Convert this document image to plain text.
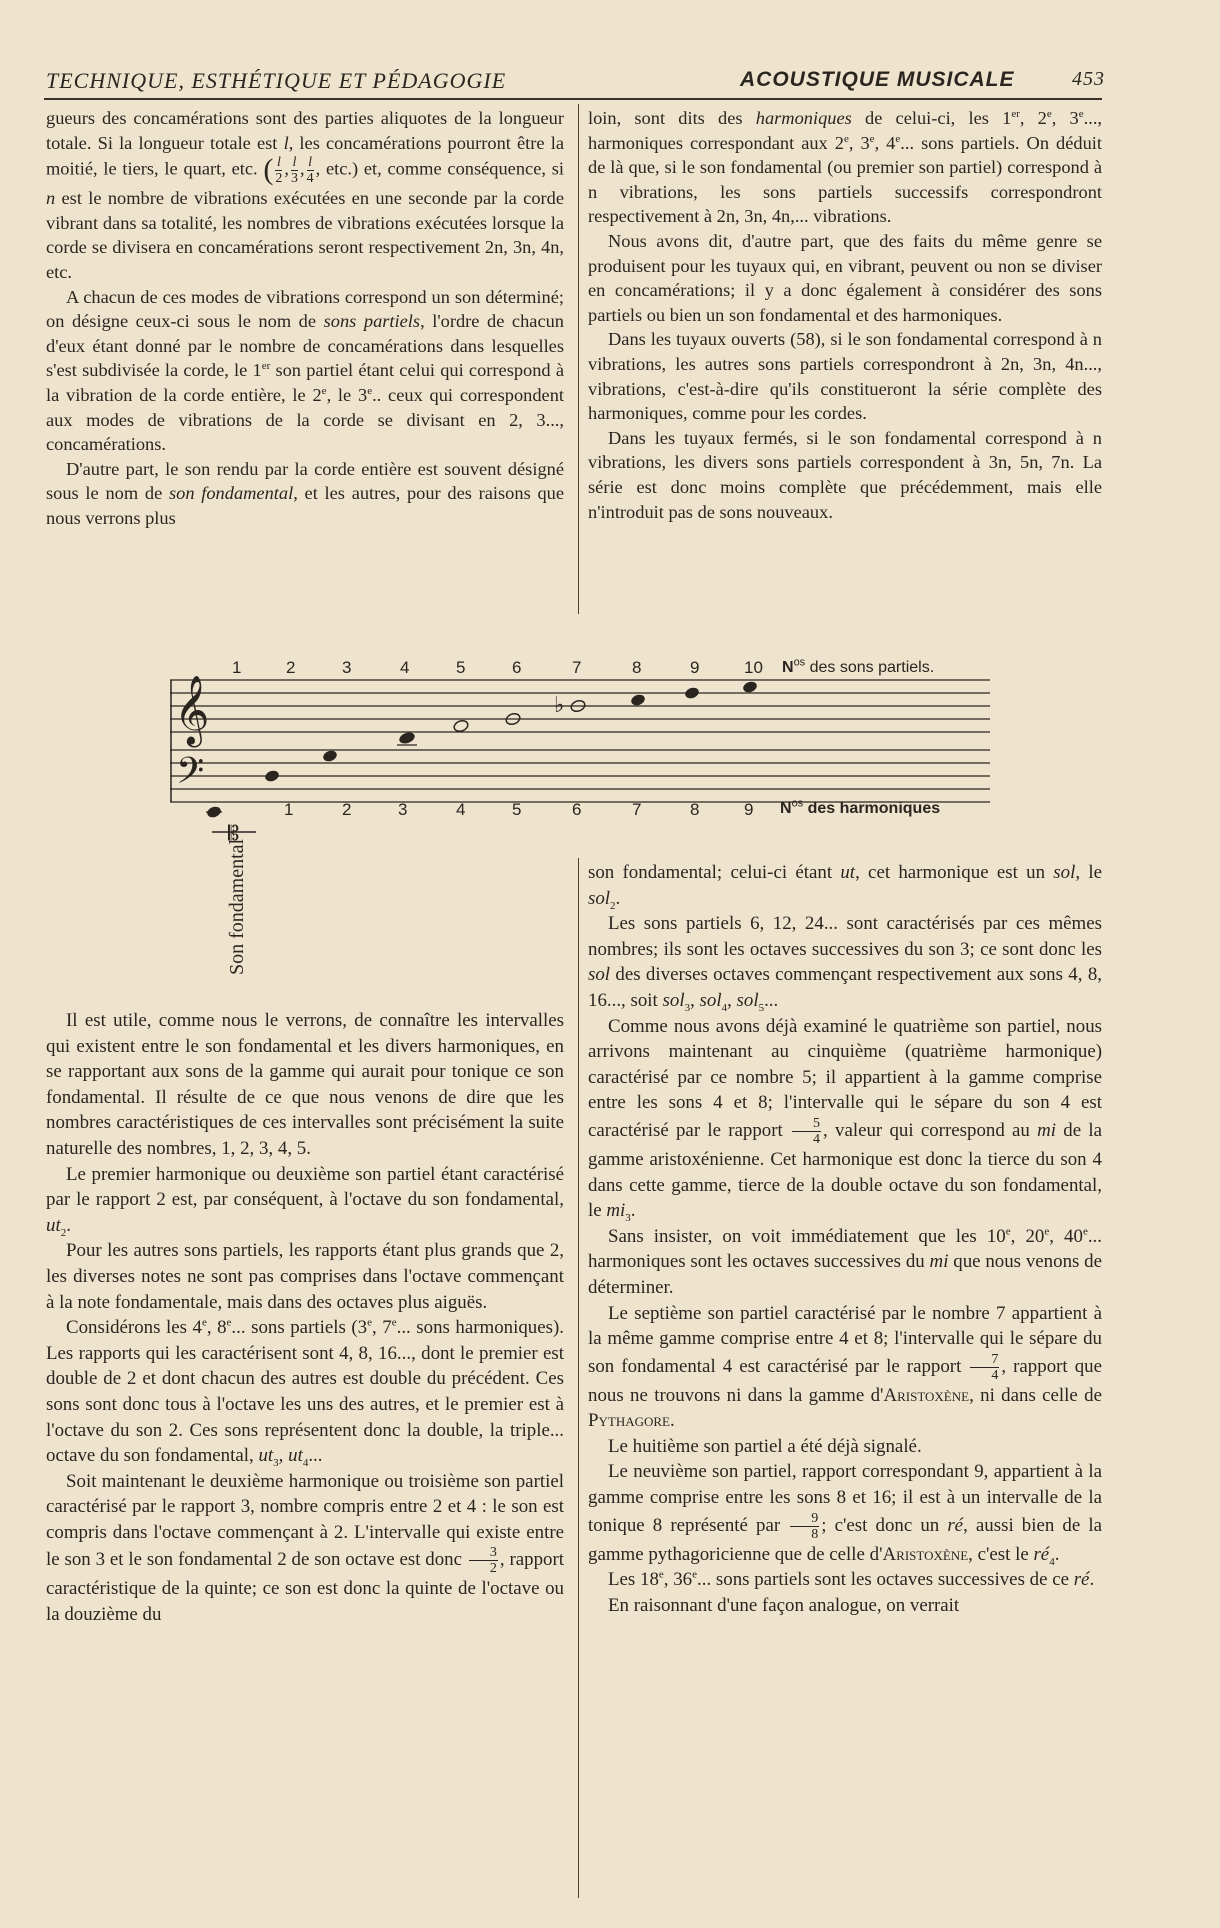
TECHNIQUE, ESTHÉTIQUE ET PÉDAGOGIE	ACOUSTIQUE MUSICALE	453

gueurs des concamérations sont des parties aliquotes de la longueur totale. Si la longueur totale est l, les concamérations pourront être la moitié, le tiers, le quart, etc. ( $\frac{l}{2}$ , $\frac{l}{3}$ , $\frac{l}{4}$ , etc.) et, comme conséquence, si n est le nombre de vibrations exécutées en une seconde par la corde vibrant dans sa totalité, les nombres de vibrations exécutées lorsque la corde se divisera en concamérations seront respectivement 2n, 3n, 4n, etc.

A chacun de ces modes de vibrations correspond un son déterminé; on désigne ceux-ci sous le nom de sons partiels, l'ordre de chacun d'eux étant donné par le nombre de concamérations dans lesquelles s'est subdivisée la corde, le 1er son partiel étant celui qui correspond à la vibration de la corde entière, le 2e, le 3e.. ceux qui correspondent aux modes de vibrations de la corde se divisant en 2, 3..., concamérations.

D'autre part, le son rendu par la corde entière est souvent désigné sous le nom de son fondamental, et les autres, pour des raisons que nous verrons plus

loin, sont dits des harmoniques de celui-ci, les 1er, 2e, 3e..., harmoniques correspondant aux 2e, 3e, 4e... sons partiels. On déduit de là que, si le son fondamental (ou premier son partiel) correspond à n vibrations, les sons partiels successifs correspondront respectivement à 2n, 3n, 4n,... vibrations.

Nous avons dit, d'autre part, que des faits du même genre se produisent pour les tuyaux qui, en vibrant, peuvent ou non se diviser en concamérations; il y a donc également à considérer des sons partiels ou bien un son fondamental et des harmoniques.

Dans les tuyaux ouverts (58), si le son fondamental correspond à n vibrations, les autres sons partiels correspondront à 2n, 3n, 4n..., vibrations, c'est-à-dire qu'ils constitueront la série complète des harmoniques, comme pour les cordes.

Dans les tuyaux fermés, si le son fondamental correspond à n vibrations, les divers sons partiels correspondent à 3n, 5n, 7n. La série est donc moins complète que précédemment, mais elle n'introduit pas de sons nouveaux.

𝄞
𝄢
♭
𝄡
1	2	3	4	5	6	7	8	9	10 $N^{os}$ des sons partiels.
1	2	3	4	5	6	7	8	9 $N^{os}$ des harmoniques
Son fondamental

Il est utile, comme nous le verrons, de connaître les intervalles qui existent entre le son fondamental et les divers harmoniques, en se rapportant aux sons de la gamme qui aurait pour tonique ce son fondamental. Il résulte de ce que nous venons de dire que les nombres caractéristiques de ces intervalles sont précisément la suite naturelle des nombres, 1, 2, 3, 4, 5.

Le premier harmonique ou deuxième son partiel étant caractérisé par le rapport 2 est, par conséquent, à l'octave du son fondamental, $ut_2$.

Pour les autres sons partiels, les rapports étant plus grands que 2, les diverses notes ne sont pas comprises dans l'octave commençant à la note fondamentale, mais dans des octaves plus aiguës.

Considérons les 4e, 8e... sons partiels (3e, 7e... sons harmoniques). Les rapports qui les caractérisent sont 4, 8, 16..., dont le premier est double de 2 et dont chacun des autres est double du précédent. Ces sons sont donc tous à l'octave les uns des autres, et le premier est à l'octave du son 2. Ces sons représentent donc la double, la triple... octave du son fondamental, $ut_3$, $ut_4$...

Soit maintenant le deuxième harmonique ou troisième son partiel caractérisé par le rapport 3, nombre compris entre 2 et 4 : le son est compris dans l'octave commençant à 2. L'intervalle qui existe entre le son 3 et le son fondamental 2 de son octave est donc $\frac{3}{2}$ , rapport caractéristique de la quinte; ce son est donc la quinte de l'octave ou la douzième du

son fondamental; celui-ci étant ut, cet harmonique est un sol, le sol$_2$.

Les sons partiels 6, 12, 24... sont caractérisés par ces mêmes nombres; ils sont les octaves successives du son 3; ce sont donc les sol des diverses octaves commençant respectivement aux sons 4, 8, 16..., soit sol$_3$, sol$_4$, sol$_5$...

Comme nous avons déjà examiné le quatrième son partiel, nous arrivons maintenant au cinquième (quatrième harmonique) caractérisé par ce nombre 5; il appartient à la gamme comprise entre les sons 4 et 8; l'intervalle qui le sépare du son 4 est caractérisé par le rapport $\frac{5}{4}$ , valeur qui correspond au mi de la gamme aristoxénienne. Cet harmonique est donc la tierce du son 4 dans cette gamme, tierce de la double octave du son fondamental, le $mi_3$.

Sans insister, on voit immédiatement que les 10e, 20e, 40e... harmoniques sont les octaves successives du mi que nous venons de déterminer.

Le septième son partiel caractérisé par le nombre 7 appartient à la même gamme comprise entre 4 et 8; l'intervalle qui le sépare du son fondamental 4 est caractérisé par le rapport $\frac{7}{4}$ , rapport que nous ne trouvons ni dans la gamme d'Aristoxène, ni dans celle de Pythagore.

Le huitième son partiel a été déjà signalé.

Le neuvième son partiel, rapport correspondant 9, appartient à la gamme comprise entre les sons 8 et 16; il est à un intervalle de la tonique 8 représenté par $\frac{9}{8}$ ; c'est donc un ré, aussi bien de la gamme pythagoricienne que de celle d'Aristoxène, c'est le $ré_4$.

Les 18e, 36e... sons partiels sont les octaves successives de ce ré.

En raisonnant d'une façon analogue, on verrait
